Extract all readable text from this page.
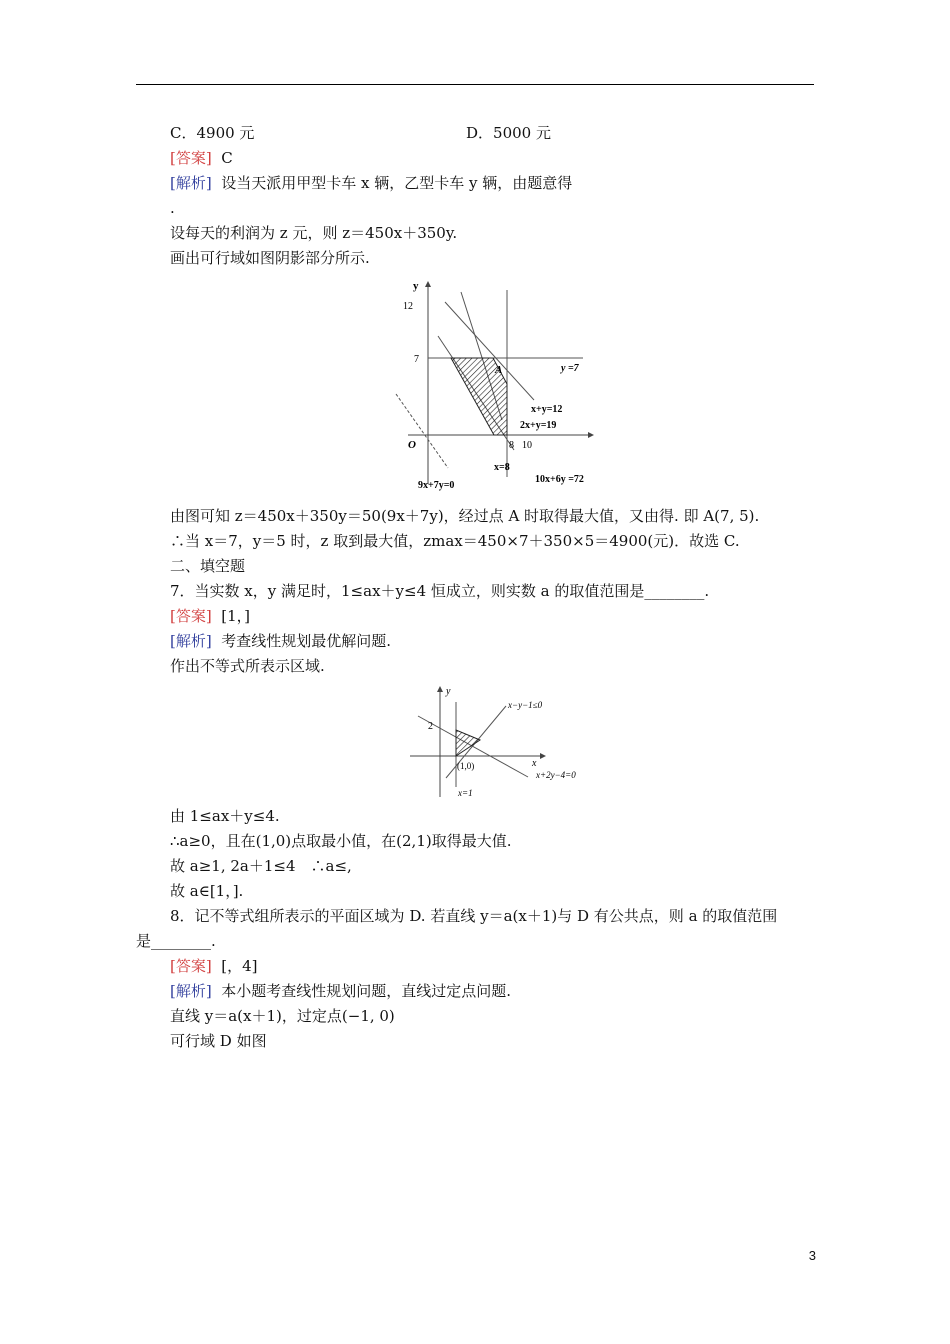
C．4900 元	D．5000 元
[答案] C
[解析] 设当天派用甲型卡车 x 辆，乙型卡车 y 辆，由题意得
.
设每天的利润为 z 元，则 z＝450x＋350y.
画出可行域如图阴影部分所示.
y
12
7
O	8 10
A	y =7
x+y=12
2x+y=19
x=8
10x+6y =72
9x+7y=0
由图可知 z＝450x＋350y＝50(9x＋7y)，经过点 A 时取得最大值，又由得. 即 A(7, 5).
∴当 x＝7，y＝5 时，z 取到最大值，zmax＝450×7＋350×5＝4900(元)．故选 C.
二、填空题
7．当实数 x，y 满足时，1≤ax＋y≤4 恒成立，则实数 a 的取值范围是________.
[答案] [1，]
[解析] 考查线性规划最优解问题.
作出不等式所表示区域.
y
x
2
(1,0)
x−y−1≤0
x+2y−4=0
x=1
由 1≤ax＋y≤4.
∴a≥0，且在(1,0)点取最小值，在(2,1)取得最大值.
故 a≥1, 2a＋1≤4　∴a≤,
故 a∈[1，].
8．记不等式组所表示的平面区域为 D. 若直线 y＝a(x＋1)与 D 有公共点，则 a 的取值范围
是________.
[答案] [，4]
[解析] 本小题考查线性规划问题，直线过定点问题.
直线 y＝a(x＋1)，过定点(−1, 0)
可行域 D 如图
3
